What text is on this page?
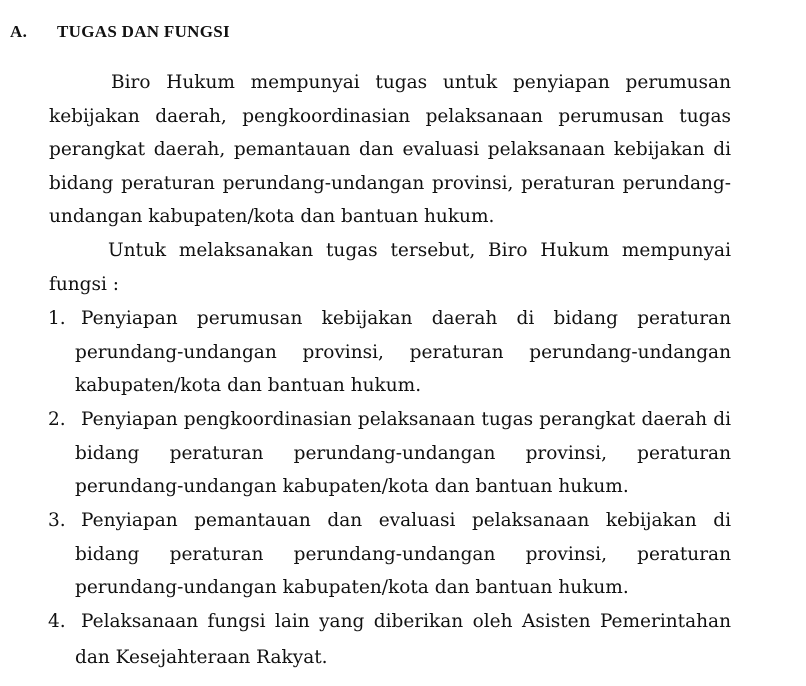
A. TUGAS DAN FUNGSI
Biro Hukum mempunyai tugas untuk penyiapan perumusan
kebijakan daerah, pengkoordinasian pelaksanaan perumusan tugas
perangkat daerah, pemantauan dan evaluasi pelaksanaan kebijakan di
bidang peraturan perundang-undangan provinsi, peraturan perundang-
undangan kabupaten/kota dan bantuan hukum.
Untuk melaksanakan tugas tersebut, Biro Hukum mempunyai
fungsi :
1. Penyiapan perumusan kebijakan daerah di bidang peraturan
perundang-undangan provinsi, peraturan perundang-undangan
kabupaten/kota dan bantuan hukum.
2. Penyiapan pengkoordinasian pelaksanaan tugas perangkat daerah di
bidang peraturan perundang-undangan provinsi, peraturan
perundang-undangan kabupaten/kota dan bantuan hukum.
3. Penyiapan pemantauan dan evaluasi pelaksanaan kebijakan di
bidang peraturan perundang-undangan provinsi, peraturan
perundang-undangan kabupaten/kota dan bantuan hukum.
4. Pelaksanaan fungsi lain yang diberikan oleh Asisten Pemerintahan
dan Kesejahteraan Rakyat.
